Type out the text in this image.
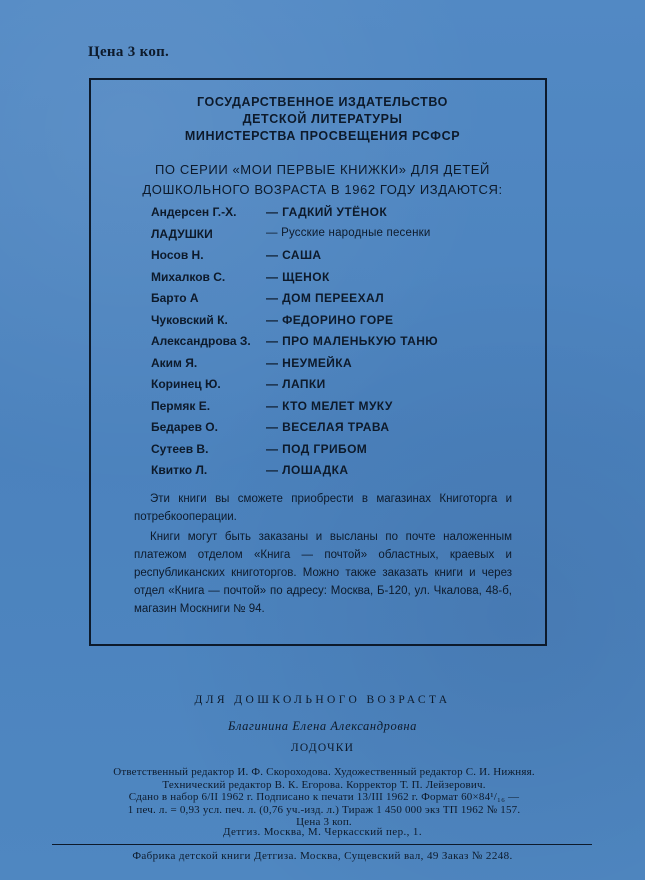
Цена 3 коп.
ГОСУДАРСТВЕННОЕ ИЗДАТЕЛЬСТВО
ДЕТСКОЙ ЛИТЕРАТУРЫ
МИНИСТЕРСТВА ПРОСВЕЩЕНИЯ РСФСР
ПО СЕРИИ «МОИ ПЕРВЫЕ КНИЖКИ» ДЛЯ ДЕТЕЙ
ДОШКОЛЬНОГО ВОЗРАСТА В 1962 ГОДУ ИЗДАЮТСЯ:
Андерсен Г.-Х. — ГАДКИЙ УТЁНОК
ЛАДУШКИ	— Русские народные песенки
Носов Н.	— САША
Михалков С.	— ЩЕНОК
Барто А	— ДОМ ПЕРЕЕХАЛ
Чуковский К.	— ФЕДОРИНО ГОРЕ
Александрова З. — ПРО МАЛЕНЬКУЮ ТАНЮ
Аким Я.	— НЕУМЕЙКА
Коринец Ю.	— ЛАПКИ
Пермяк Е.	— КТО МЕЛЕТ МУКУ
Бедарев О.	— ВЕСЕЛАЯ ТРАВА
Сутеев В.	— ПОД ГРИБОМ
Квитко Л.	— ЛОШАДКА

Эти книги вы сможете приобрести в магазинах Книготорга и потребкооперации.

Книги могут быть заказаны и высланы по почте наложенным платежом отделом «Книга — почтой» областных, краевых и республиканских книготоргов. Можно также заказать книги и через отдел «Книга — почтой» по адресу: Москва, Б-120, ул. Чкалова, 48-б, магазин Москниги № 94.

ДЛЯ ДОШКОЛЬНОГО ВОЗРАСТА
Благинина Елена Александровна
ЛОДОЧКИ
Ответственный редактор И. Ф. Скороходова. Художественный редактор С. И. Нижняя.
Технический редактор В. К. Егорова. Корректор Т. П. Лейзерович.
Сдано в набор 6/II 1962 г. Подписано к печати 13/III 1962 г. Формат 60×84¹/₁₆ —
1 печ. л. = 0,93 усл. печ. л. (0,76 уч.-изд. л.) Тираж 1 450 000 экз ТП 1962 № 157.
Цена 3 коп.
Детгиз. Москва, М. Черкасский пер., 1.
Фабрика детской книги Детгиза. Москва, Сущевский вал, 49 Заказ № 2248.
